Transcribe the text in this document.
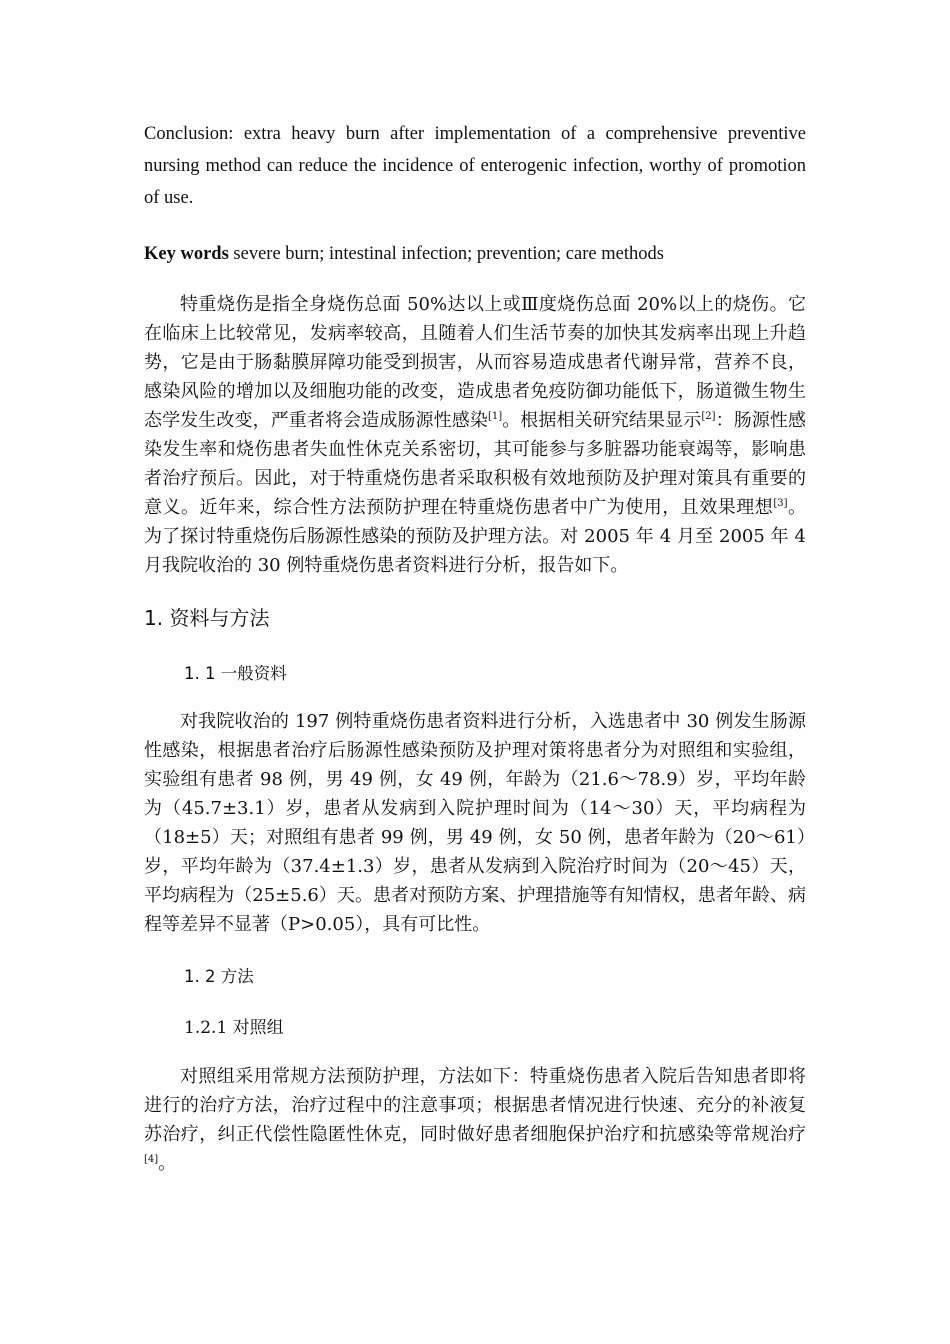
Conclusion: extra heavy burn after implementation of a comprehensive preventive nursing method can reduce the incidence of enterogenic infection, worthy of promotion of use.

Key words severe burn; intestinal infection; prevention; care methods

特重烧伤是指全身烧伤总面 50%达以上或Ⅲ度烧伤总面 20%以上的烧伤。它在临床上比较常见，发病率较高，且随着人们生活节奏的加快其发病率出现上升趋势，它是由于肠黏膜屏障功能受到损害，从而容易造成患者代谢异常，营养不良，感染风险的增加以及细胞功能的改变，造成患者免疫防御功能低下，肠道微生物生态学发生改变，严重者将会造成肠源性感染[1]。根据相关研究结果显示[2]：肠源性感染发生率和烧伤患者失血性休克关系密切，其可能参与多脏器功能衰竭等，影响患者治疗预后。因此，对于特重烧伤患者采取积极有效地预防及护理对策具有重要的意义。近年来，综合性方法预防护理在特重烧伤患者中广为使用，且效果理想[3]。为了探讨特重烧伤后肠源性感染的预防及护理方法。对 2005 年 4 月至 2005 年 4 月我院收治的 30 例特重烧伤患者资料进行分析，报告如下。

1. 资料与方法
1. 1 一般资料

对我院收治的 197 例特重烧伤患者资料进行分析，入选患者中 30 例发生肠源性感染，根据患者治疗后肠源性感染预防及护理对策将患者分为对照组和实验组，实验组有患者 98 例，男 49 例，女 49 例，年龄为（21.6～78.9）岁，平均年龄为（45.7±3.1）岁，患者从发病到入院护理时间为（14～30）天，平均病程为（18±5）天；对照组有患者 99 例，男 49 例，女 50 例，患者年龄为（20～61）岁，平均年龄为（37.4±1.3）岁，患者从发病到入院治疗时间为（20～45）天，平均病程为（25±5.6）天。患者对预防方案、护理措施等有知情权，患者年龄、病程等差异不显著（P>0.05），具有可比性。

1. 2 方法
1.2.1 对照组

对照组采用常规方法预防护理，方法如下：特重烧伤患者入院后告知患者即将进行的治疗方法，治疗过程中的注意事项；根据患者情况进行快速、充分的补液复苏治疗，纠正代偿性隐匿性休克，同时做好患者细胞保护治疗和抗感染等常规治疗[4]。
